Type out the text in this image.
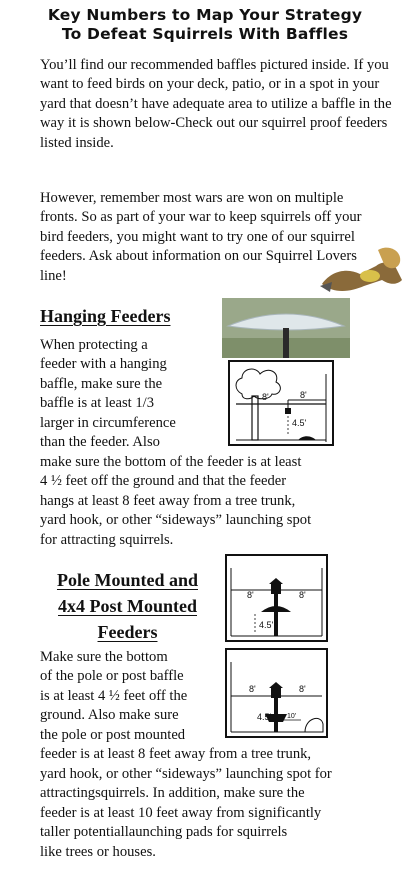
Key Numbers to Map Your Strategy
To Defeat Squirrels With Baffles

You’ll find our recommended baffles pictured inside. If you want to feed birds on your deck, patio, or in a spot in your yard that doesn’t have adequate area to utilize a baffle in the way it is shown below-Check out our squirrel proof feeders listed inside.

However, remember most wars are won on multiple fronts. So as part of your war to keep squirrels off your bird feeders, you might want to try one of our squirrel feeders. Ask about information on our Squirrel Lovers line!

Hanging Feeders
When protecting a
feeder with a hanging
baffle, make sure the
baffle is at least 1/3
larger in circumference
than the feeder. Also
make sure the bottom of the feeder is at least
4 ½ feet off the ground and that the feeder
hangs at least 8 feet away from a tree trunk,
yard hook, or other “sideways” launching spot
for attracting squirrels.
8'	8'
4.5'
Pole Mounted and
4x4 Post Mounted
Feeders
8'	8'
4.5'
Make sure the bottom
of the pole or post baffle
is at least 4 ½ feet off the
ground. Also make sure
the pole or post mounted
feeder is at least 8 feet away from a tree trunk,
yard hook, or other “sideways” launching spot for
attractingsquirrels. In addition, make sure the
feeder is at least 10 feet away from significantly
taller potentiallaunching pads for squirrels
like trees or houses.
8'	8'
4.5' 10'
